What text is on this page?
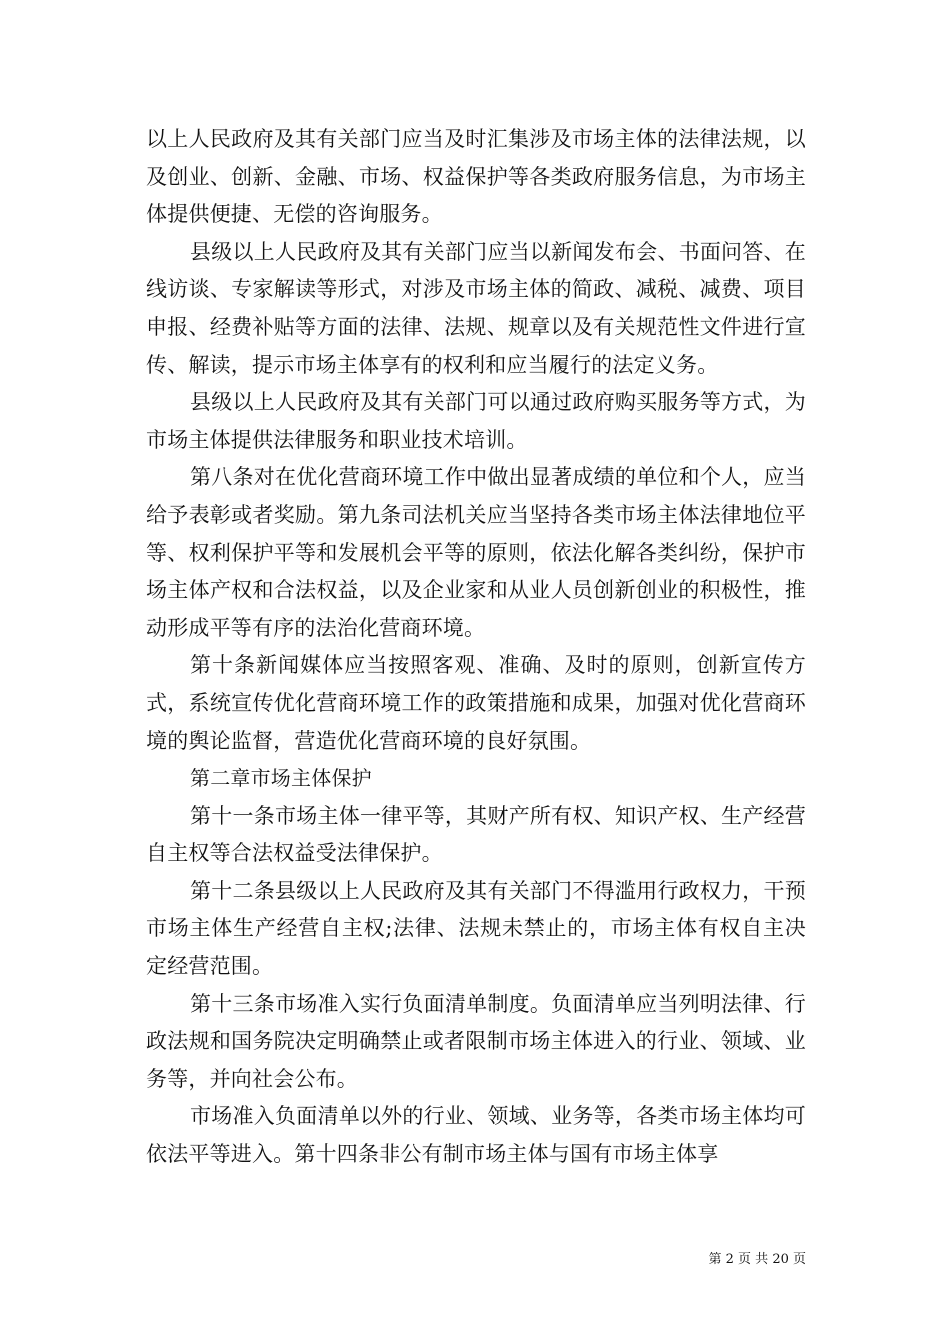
以上人民政府及其有关部门应当及时汇集涉及市场主体的法律法规，以及创业、创新、金融、市场、权益保护等各类政府服务信息，为市场主体提供便捷、无偿的咨询服务。

县级以上人民政府及其有关部门应当以新闻发布会、书面问答、在线访谈、专家解读等形式，对涉及市场主体的简政、减税、减费、项目申报、经费补贴等方面的法律、法规、规章以及有关规范性文件进行宣传、解读，提示市场主体享有的权利和应当履行的法定义务。

县级以上人民政府及其有关部门可以通过政府购买服务等方式，为市场主体提供法律服务和职业技术培训。

第八条对在优化营商环境工作中做出显著成绩的单位和个人，应当给予表彰或者奖励。第九条司法机关应当坚持各类市场主体法律地位平等、权利保护平等和发展机会平等的原则，依法化解各类纠纷，保护市场主体产权和合法权益，以及企业家和从业人员创新创业的积极性，推动形成平等有序的法治化营商环境。

第十条新闻媒体应当按照客观、准确、及时的原则，创新宣传方式，系统宣传优化营商环境工作的政策措施和成果，加强对优化营商环境的舆论监督，营造优化营商环境的良好氛围。

第二章市场主体保护

第十一条市场主体一律平等，其财产所有权、知识产权、生产经营自主权等合法权益受法律保护。

第十二条县级以上人民政府及其有关部门不得滥用行政权力，干预市场主体生产经营自主权;法律、法规未禁止的，市场主体有权自主决定经营范围。

第十三条市场准入实行负面清单制度。负面清单应当列明法律、行政法规和国务院决定明确禁止或者限制市场主体进入的行业、领域、业务等，并向社会公布。

市场准入负面清单以外的行业、领域、业务等，各类市场主体均可依法平等进入。第十四条非公有制市场主体与国有市场主体享

第 2 页 共 20 页
